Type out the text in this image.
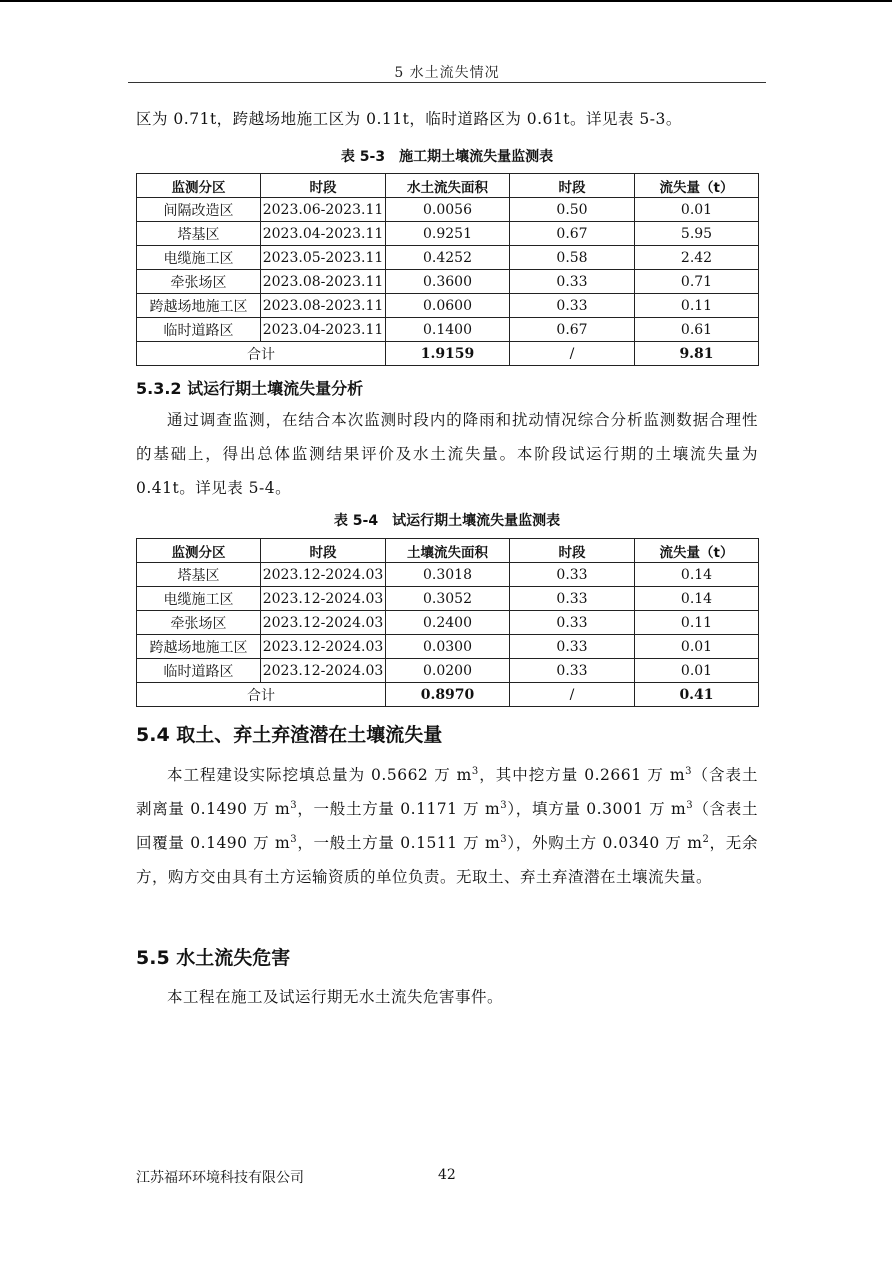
5 水土流失情况
区为 0.71t，跨越场地施工区为 0.11t，临时道路区为 0.61t。详见表 5-3。
表 5-3　施工期土壤流失量监测表
监测分区	时段	水土流失面积	时段	流失量（t）
间隔改造区	2023.06-2023.11	0.0056	0.50	0.01
塔基区	2023.04-2023.11	0.9251	0.67	5.95
电缆施工区	2023.05-2023.11	0.4252	0.58	2.42
牵张场区	2023.08-2023.11	0.3600	0.33	0.71
跨越场地施工区	2023.08-2023.11	0.0600	0.33	0.11
临时道路区	2023.04-2023.11	0.1400	0.67	0.61
合计		1.9159	/	9.81
5.3.2 试运行期土壤流失量分析
通过调查监测，在结合本次监测时段内的降雨和扰动情况综合分析监测数据合理性的基础上，得出总体监测结果评价及水土流失量。本阶段试运行期的土壤流失量为 0.41t。详见表 5-4。
表 5-4　试运行期土壤流失量监测表
监测分区	时段	土壤流失面积	时段	流失量（t）
塔基区	2023.12-2024.03	0.3018	0.33	0.14
电缆施工区	2023.12-2024.03	0.3052	0.33	0.14
牵张场区	2023.12-2024.03	0.2400	0.33	0.11
跨越场地施工区	2023.12-2024.03	0.0300	0.33	0.01
临时道路区	2023.12-2024.03	0.0200	0.33	0.01
合计		0.8970	/	0.41
5.4 取土、弃土弃渣潜在土壤流失量
本工程建设实际挖填总量为 0.5662 万 $m^3$，其中挖方量 0.2661 万 $m^3$（含表土剥离量 0.1490 万 $m^3$，一般土方量 0.1171 万 $m^3$），填方量 0.3001 万 $m^3$（含表土回覆量 0.1490 万 $m^3$，一般土方量 0.1511 万 $m^3$），外购土方 0.0340 万 $m^2$，无余方，购方交由具有土方运输资质的单位负责。无取土、弃土弃渣潜在土壤流失量。
5.5 水土流失危害
本工程在施工及试运行期无水土流失危害事件。
江苏福环环境科技有限公司	42
